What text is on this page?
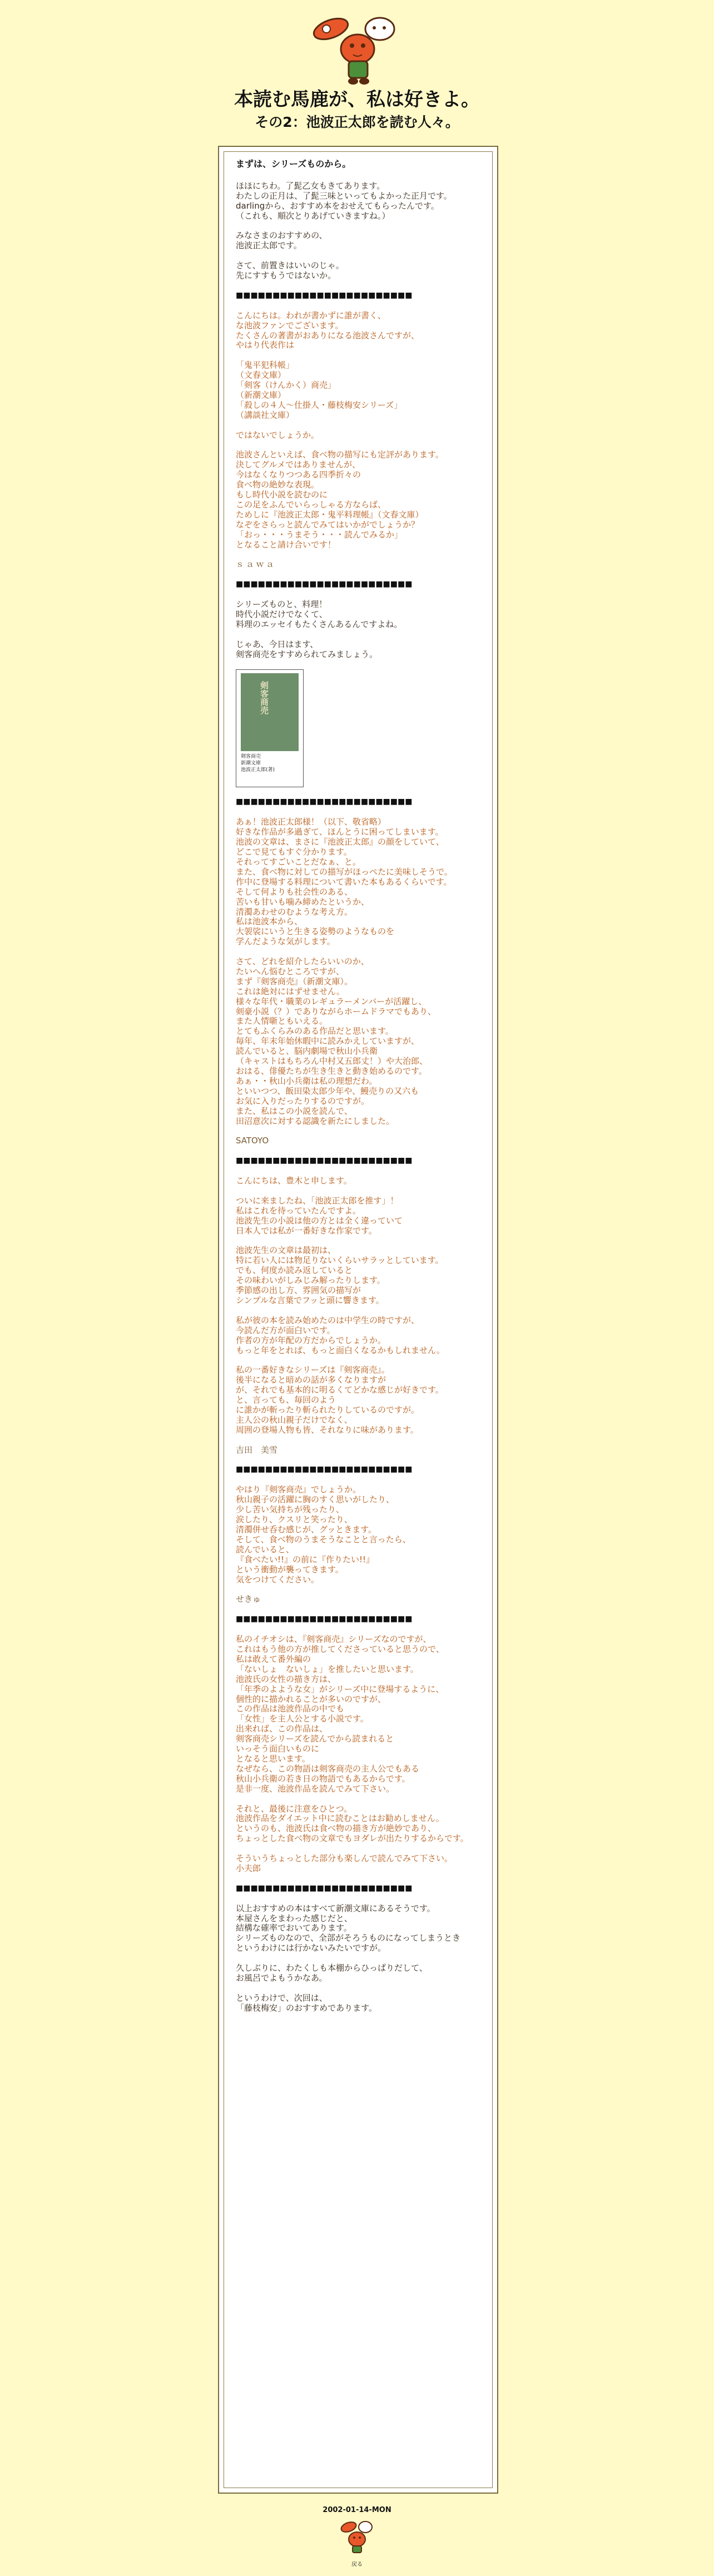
本読む馬鹿が、私は好きよ。
その2：池波正太郎を読む人々。
まずは、シリーズものから。
ほほにちわ。了髭乙女もきてあります。
わたしの正月は、了髭三味といってもよかった正月です。
darlingから、おすすめ本をおせえてもらったんです。
（これも、順次とりあげていきますね。）
みなさまのおすすめの、
池波正太郎です。
さて、前置きはいいのじゃ。
先にすすもうではないか。
■■■■■■■■■■■■■■■■■■■■■■■■
こんにちは。われが書かずに誰が書く、
な池波ファンでございます。
たくさんの著書がおありになる池波さんですが、
やはり代表作は
「鬼平犯科帳」
（文春文庫）
「剣客（けんかく）商売」
（新潮文庫）
「殺しの４人〜仕掛人・藤枝梅安シリーズ」
（講談社文庫）
ではないでしょうか。
池波さんといえば、食べ物の描写にも定評があります。
決してグルメではありませんが、
今はなくなりつつある四季折々の
食べ物の絶妙な表現。
もし時代小説を読むのに
この足をふんでいらっしゃる方ならば、
ためしに『池波正太郎・鬼平料理帳』（文春文庫）
なぞをさらっと読んでみてはいかがでしょうか？
「おっ・・・うまそう・・・読んでみるか」
となること請け合いです！
ｓａｗａ
■■■■■■■■■■■■■■■■■■■■■■■■
シリーズものと、料理！
時代小説だけでなくて、
料理のエッセイもたくさんあるんですよね。
じゃあ、今日はます、
剣客商売をすすめられてみましょう。
剣客商売
剣客商売
新潮文庫
池波正太郎(著)
■■■■■■■■■■■■■■■■■■■■■■■■
あぁ！池波正太郎様！（以下、敬省略）
好きな作品が多過ぎて、ほんとうに困ってしまいます。
池波の文章は、まさに『池波正太郎』の顔をしていて、
どこで見てもすぐ分かります。
それってすごいことだなぁ、と。
また、食べ物に対しての描写がほっぺたに美味しそうで。
作中に登場する料理について書いた本もあるくらいです。
そして何よりも社会性のある、
苦いも甘いも噛み締めたというか、
清濁あわせのむような考え方。
私は池波本から、
大袈裟にいうと生きる姿勢のようなものを
学んだような気がします。
さて、どれを紹介したらいいのか、
たいへん悩むところですが、
まず『剣客商売』（新潮文庫）。
これは絶対にはずせません。
様々な年代・職業のレギュラーメンバーが活躍し、
剣豪小説（？）でありながらホームドラマでもあり、
また人情噺ともいえる。
とてもふくらみのある作品だと思います。
毎年、年末年始休暇中に読みかえしていますが、
読んでいると、脳内劇場で秋山小兵衛
（キャストはもちろん中村又五郎丈！）や大治郎、
おはる、俳優たちが生き生きと動き始めるのです。
あぁ・・秋山小兵衛は私の理想だわ。
といいつつ、飯田染太郎少年や、鰻売りの又六も
お気に入りだったりするのですが。
また、私はこの小説を読んで、
田沼意次に対する認識を新たにしました。
SATOYO
■■■■■■■■■■■■■■■■■■■■■■■■
こんにちは、豊木と申します。
ついに来ましたね、「池波正太郎を推す」！
私はこれを待っていたんですよ。
池波先生の小説は他の方とは全く違っていて
日本人では私が一番好きな作家です。
池波先生の文章は最初は、
特に若い人には物足りないくらいサラッとしています。
でも、何度か読み返していると
その味わいがしみじみ解ったりします。
季節感の出し方、雰囲気の描写が
シンプルな言葉でフッと頭に響きます。
私が彼の本を読み始めたのは中学生の時ですが、
今読んだ方が面白いです。
作者の方が年配の方だからでしょうか。
もっと年をとれば、もっと面白くなるかもしれません。
私の一番好きなシリーズは『剣客商売』。
後半になると暗めの話が多くなりますが
が、それでも基本的に明るくてどかな感じが好きです。
と、言っても、毎回のよう
に誰かが斬ったり斬られたりしているのですが。
主人公の秋山親子だけでなく、
周囲の登場人物も皆、それなりに味があります。
吉田　美雪
■■■■■■■■■■■■■■■■■■■■■■■■
やはり『剣客商売』でしょうか。
秋山親子の活躍に胸のすく思いがしたり、
少し苦い気持ちが残ったり、
涙したり、クスリと笑ったり、
清濁併せ呑む感じが、グッときます。
そして、食べ物のうまそうなことと言ったら、
読んでいると、
『食べたい!!』の前に『作りたい!!』
という衝動が襲ってきます。
気をつけてください。
せきゅ
■■■■■■■■■■■■■■■■■■■■■■■■
私のイチオシは、『剣客商売』シリーズなのですが、
これはもう他の方が推してくださっていると思うので、
私は敢えて番外編の
「ないしょ　ないしょ」を推したいと思います。
池波氏の女性の描き方は、
「年季のよような女」がシリーズ中に登場するように、
個性的に描かれることが多いのですが、
この作品は池波作品の中でも
「女性」を主人公とする小説です。
出来れば、この作品は、
剣客商売シリーズを読んでから読まれると
いっそう面白いものに
となると思います。
なぜなら、この物語は剣客商売の主人公でもある
秋山小兵衛の若き日の物語でもあるからです。
是非一度、池波作品を読んでみて下さい。
それと、最後に注意をひとつ。
池波作品をダイエット中に読むことはお勧めしません。
というのも、池波氏は食べ物の描き方が絶妙であり、
ちょっとした食べ物の文章でもヨダレが出たりするからです。
そういうちょっとした部分も楽しんで読んでみて下さい。
小夫郎
■■■■■■■■■■■■■■■■■■■■■■■■
以上おすすめの本はすべて新潮文庫にあるそうです。
本屋さんをまわった感じだと、
結構な確率でおいてあります。
シリーズものなので、全部がそろうものになってしまうとき
というわけには行かないみたいですが。
久しぶりに、わたくしも本棚からひっぱりだして、
お風呂でよもうかなあ。
というわけで、次回は、
「藤枝梅安」のおすすめであります。
2002-01-14-MON
戻る
